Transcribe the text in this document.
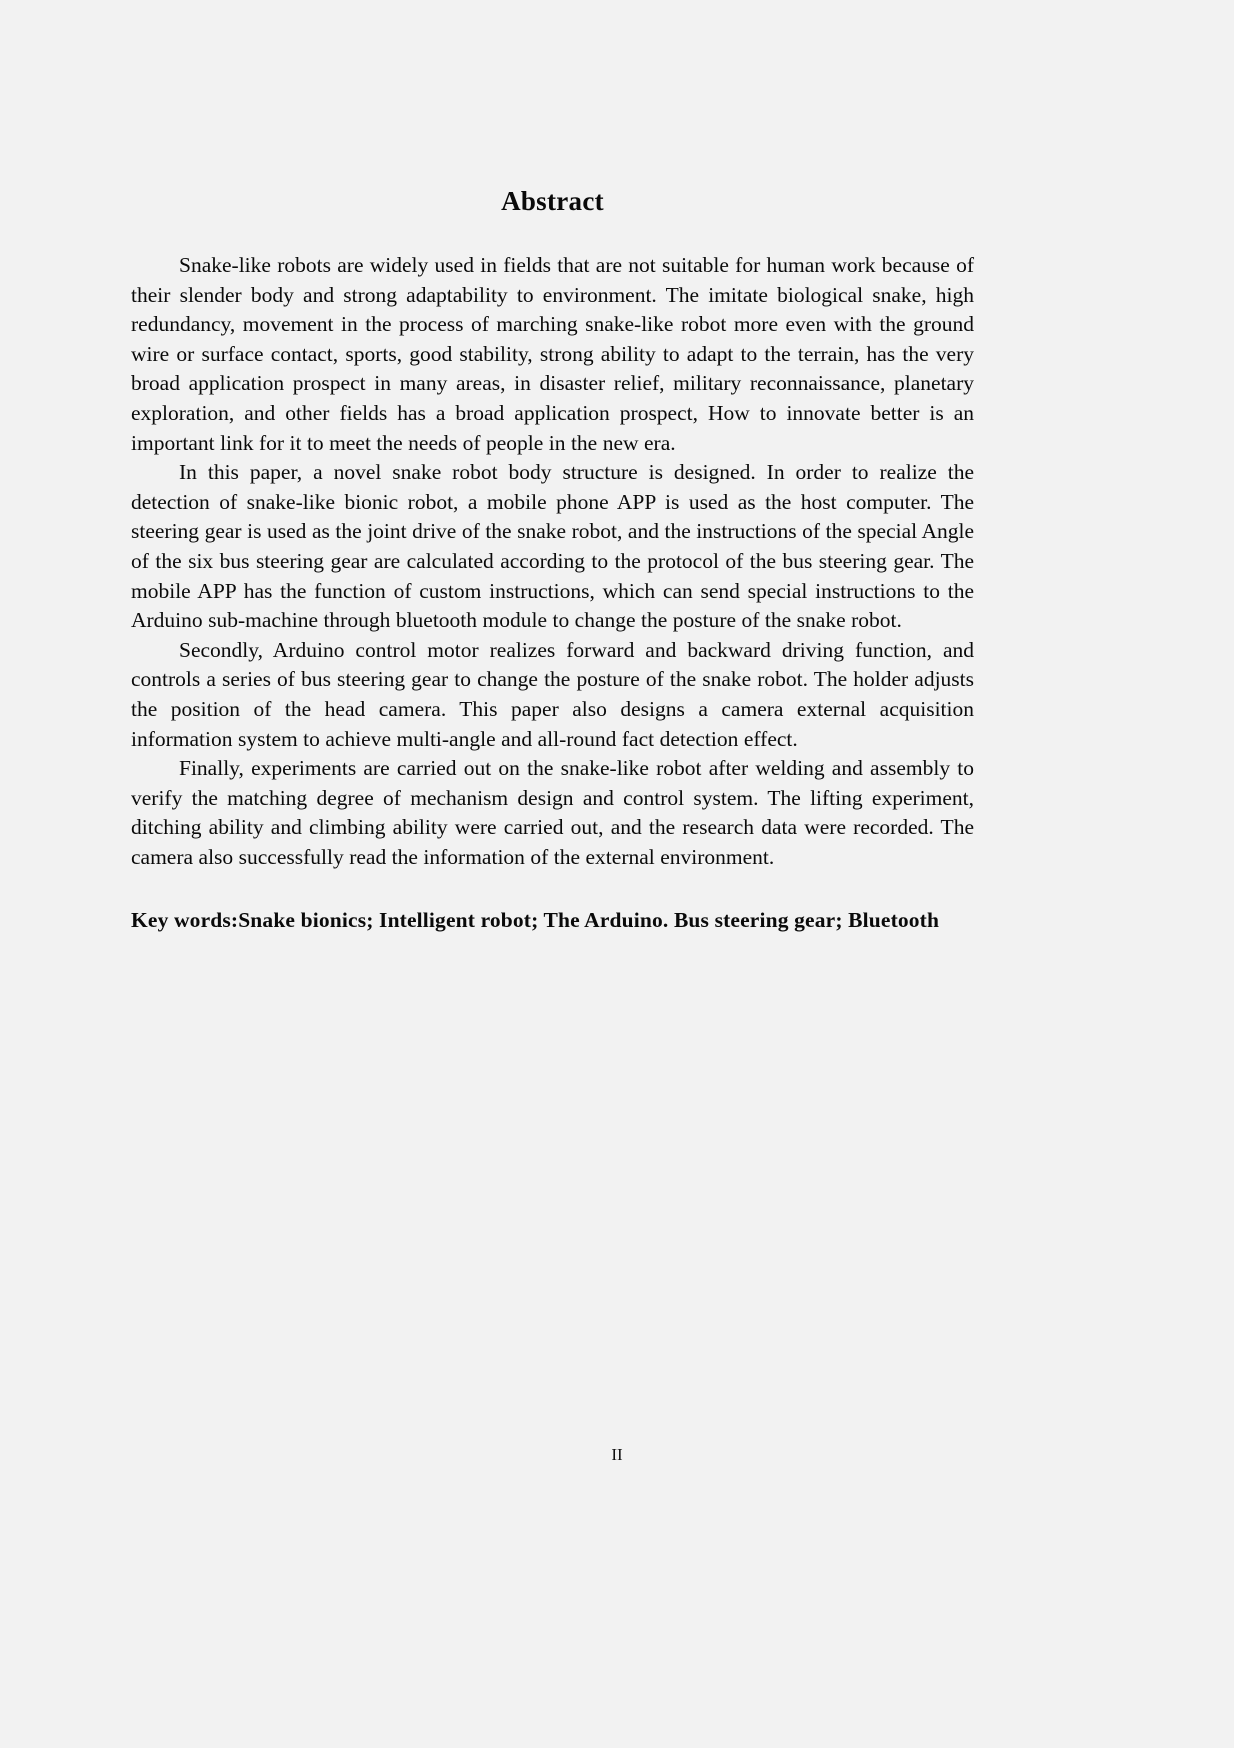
Abstract

Snake-like robots are widely used in fields that are not suitable for human work because of their slender body and strong adaptability to environment. The imitate biological snake, high redundancy, movement in the process of marching snake-like robot more even with the ground wire or surface contact, sports, good stability, strong ability to adapt to the terrain, has the very broad application prospect in many areas, in disaster relief, military reconnaissance, planetary exploration, and other fields has a broad application prospect, How to innovate better is an important link for it to meet the needs of people in the new era.

In this paper, a novel snake robot body structure is designed. In order to realize the detection of snake-like bionic robot, a mobile phone APP is used as the host computer. The steering gear is used as the joint drive of the snake robot, and the instructions of the special Angle of the six bus steering gear are calculated according to the protocol of the bus steering gear. The mobile APP has the function of custom instructions, which can send special instructions to the Arduino sub-machine through bluetooth module to change the posture of the snake robot.

Secondly, Arduino control motor realizes forward and backward driving function, and controls a series of bus steering gear to change the posture of the snake robot. The holder adjusts the position of the head camera. This paper also designs a camera external acquisition information system to achieve multi-angle and all-round fact detection effect.

Finally, experiments are carried out on the snake-like robot after welding and assembly to verify the matching degree of mechanism design and control system. The lifting experiment, ditching ability and climbing ability were carried out, and the research data were recorded. The camera also successfully read the information of the external environment.

Key words:Snake bionics; Intelligent robot; The Arduino. Bus steering gear; Bluetooth

II
